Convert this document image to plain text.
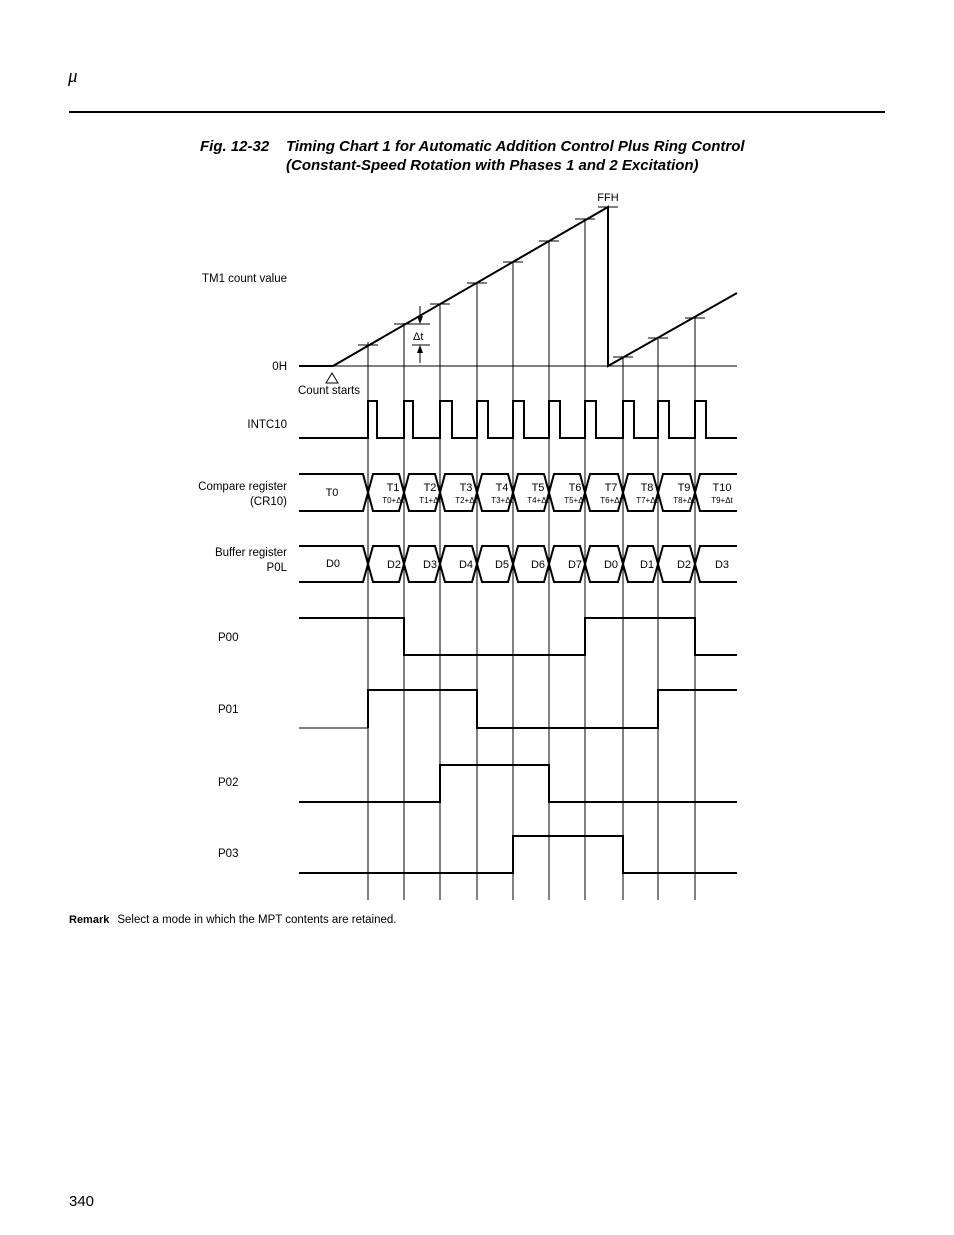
μ
Fig. 12-32 Timing Chart 1 for Automatic Addition Control Plus Ring Control
(Constant-Speed Rotation with Phases 1 and 2 Excitation)
TM1 count value
0H
FFH
Δt
Count starts
INTC10
Compare register
(CR10)
Buffer register
P0L
P00
P01
P02
P03
T0	T1
T0+Δt
T2
T1+Δt
T3
T2+Δt
T4
T3+Δt
T5
T4+Δt
T6
T5+Δt
T7
T6+Δt
T8
T7+Δt
T9
T8+Δt
T10
T9+Δt
D0	D2 D3 D4 D5 D6 D7 D0 D1 D2 D3
Remark Select a mode in which the MPT contents are retained.
340
